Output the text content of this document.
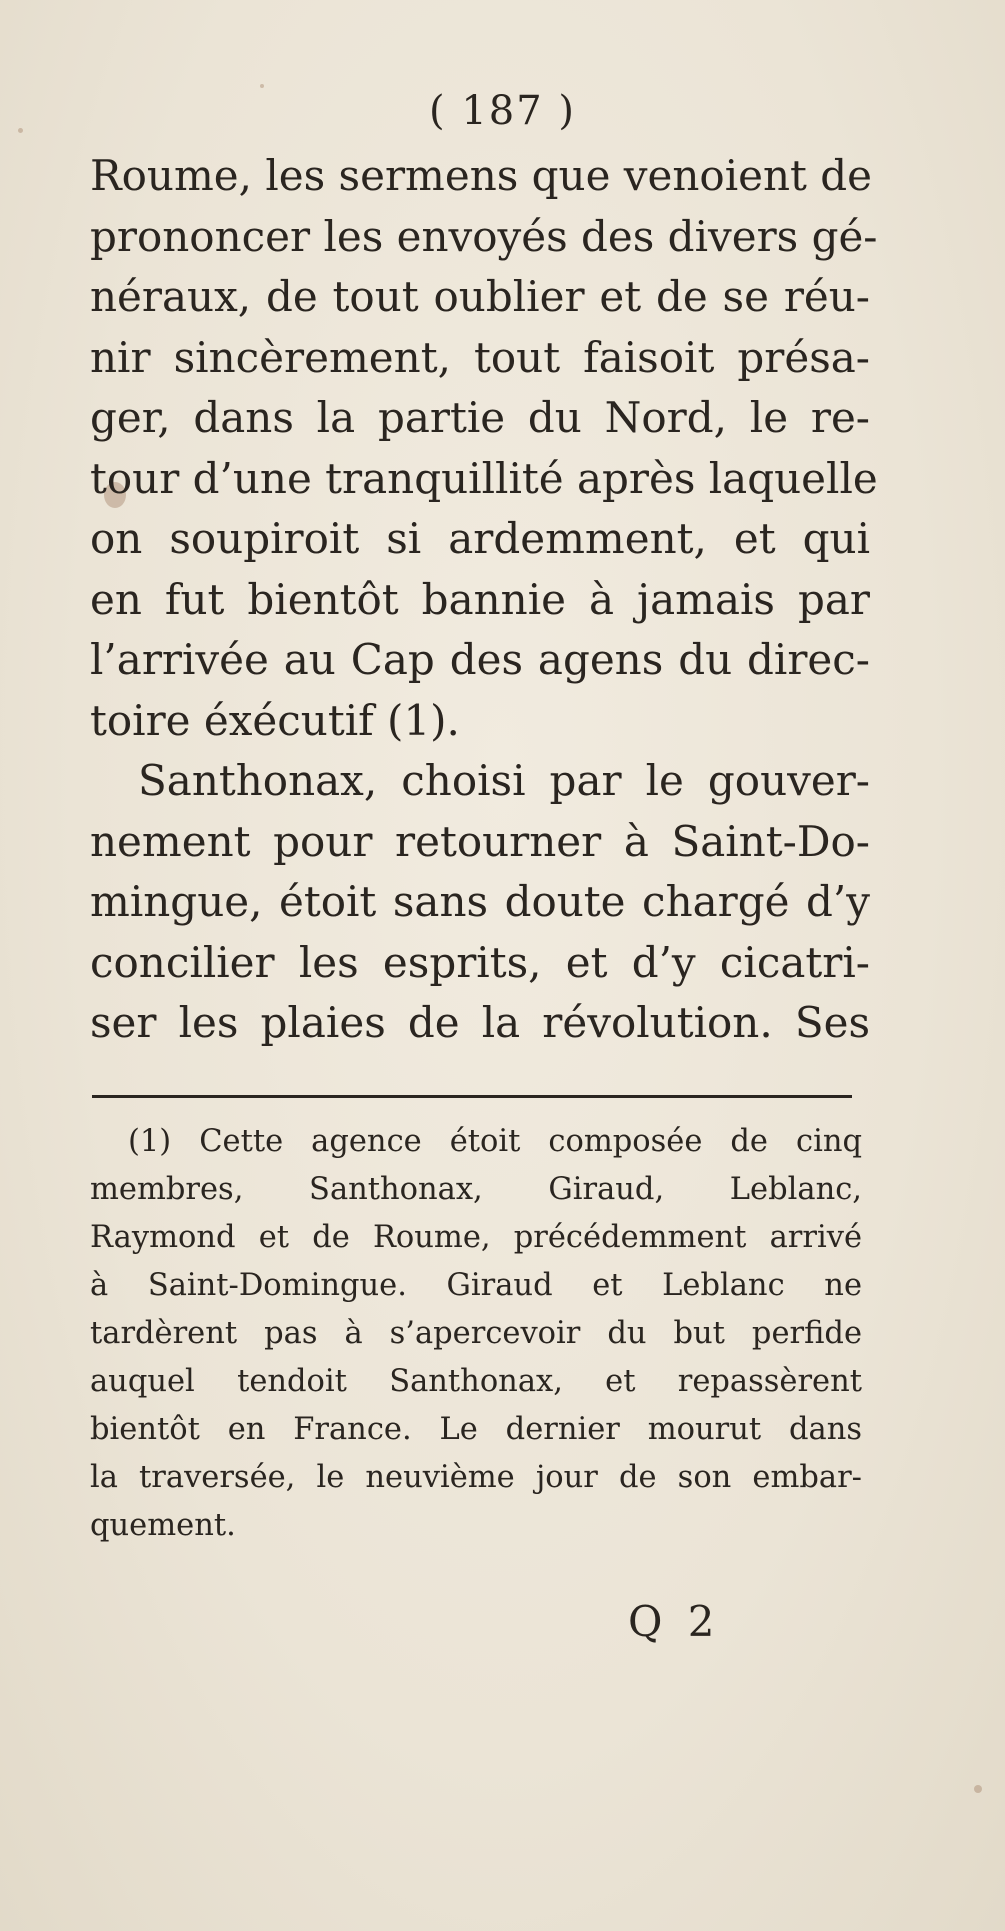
( 187 )
Roume, les sermens que venoient de
prononcer les envoyés des divers gé-
néraux, de tout oublier et de se réu-
nir sincèrement, tout faisoit présa-
ger, dans la partie du Nord, le re-
tour d’une tranquillité après laquelle
on soupiroit si ardemment, et qui
en fut bientôt bannie à jamais par
l’arrivée au Cap des agens du direc-
toire éxécutif (1).
Santhonax, choisi par le gouver-
nement pour retourner à Saint-Do-
mingue, étoit sans doute chargé d’y
concilier les esprits, et d’y cicatri-
ser les plaies de la révolution. Ses
(1) Cette agence étoit composée de cinq
membres, Santhonax, Giraud, Leblanc,
Raymond et de Roume, précédemment arrivé
à Saint-Domingue. Giraud et Leblanc ne
tardèrent pas à s’apercevoir du but perfide
auquel tendoit Santhonax, et repassèrent
bientôt en France. Le dernier mourut dans
la traversée, le neuvième jour de son embar-
quement.
Q 2
